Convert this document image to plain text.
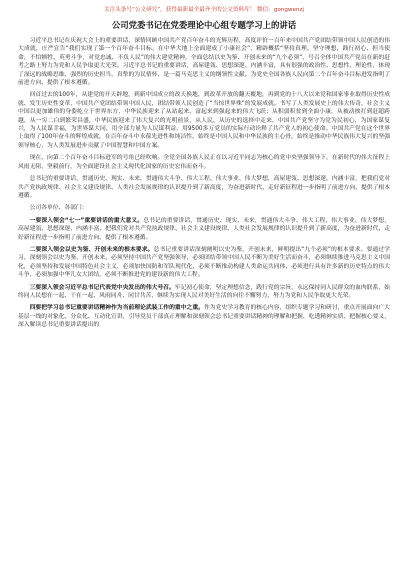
关注头条号“公文研究”，获得最新最全最齐全的公文资料库！ 微信：gongwenzj
公司党委书记在党委理论中心组专题学习上的讲话

习近平总书记在庆祝大会上的重要讲话，深情回顾中国共产党百年奋斗的光辉历程，高度评价一百年来中国共产党团结带领中国人民创造的伟大成就，庄严宣告“我们实现了第一个百年奋斗目标，在中华大地上全面建成了小康社会”，精辟概括“坚持真理、坚守理想，践行初心、担当使命，不怕牺牲、英勇斗争，对党忠诚、不负人民”的伟大建党精神，全面总结以史为鉴、开创未来的“九个必须”，号召全体中国共产党员在新的赶考之路上努力为党和人民争取更大光荣。习近平总书记的重要讲话，高屋建瓴、思想深邃、内涵丰富，具有很强的政治性、思想性、理论性，体现了深远的战略思维、强烈的历史担当、真挚的为民情怀，是一篇马克思主义的纲领性文献。为党史全国各族人民向第二个百年奋斗目标进发指明了前进方向、提供了根本遵循。

回首过去的100年，从建党的开天辟地，到新中国成立的改天换地，到改革开放的翻天覆地，再到党的十八大以来党和国家事业取得历史性成就、发生历史性变革，中国共产党团结带领中国人民，团结带领人民创造了“当惊世界殊”的发展成就。书写了人类发展史上的伟大传奇，社会主义中国以更加雄伟的身姿屹立于世界东方，中华民族迎来了从站起来、富起来到强起来的伟大飞跃；从积弱积贫到全面小康，从被动挨打到赶超跨越，从一穷二白到繁荣昌盛，中华民族迎来了伟大复兴的光明前景，从人民、从历史的选择中走来，中国共产党坚守为党为民初心，为国家谋复兴，为人民谋幸福，为世界谋大同，用全部力量为人民谋利益，用9500多万党员的实际行动诠释了共产党人的初心使命。中国共产党在这个世界上取得了100年奋斗的辉煌成就，在百年奋斗中永葆先进性和纯洁性，始终是中国人民和中华民族的主心骨，始终是推动中华民族伟大复兴的坚强领导核心，为人类发展进步贡献了中国智慧和中国方案。

现在，向第二个百年奋斗目标进军的号角已经吹响。全党全国各族人民正在以习近平同志为核心的党中央坚强领导下，在新时代的伟大征程上风雨无阻、坚毅前行，为全面建设社会主义现代化国家的历史宏伟而奋斗。

总书记的重要讲话，贯通历史、现实、未来，贯通伟大斗争、伟大工程、伟大事业、伟大梦想，高屋建瓴、思想深邃，内涵丰富，把我们党对共产党执政规律、社会主义建设规律、人类社会发展规律的认识提升到了新高度，为奋进新时代、走好新征程进一步指明了前进方向、提供了根本遵循。

公司各单位、各部门：

一要深入领会“七一”重要讲话的重大意义。总书记的重要讲话，贯通历史、现实、未来，贯通伟大斗争、伟大工程、伟大事业、伟大梦想，高屋建瓴、思想深邃，内涵丰富，把我们党对共产党执政规律、社会主义建设规律、人类社会发展规律的认识提升到了新高度，为奋进新时代、走好新征程进一步指明了前进方向、提供了根本遵循。

二要深入领会以史为鉴、开创未来的根本要求。总书记重要讲话深刻阐明以史为鉴、开创未来，鲜明提出“九个必须”的根本要求。要通过学习，深刻领会以史为鉴、开创未来，必须坚持中国共产党坚强领导，必须团结带领中国人民不断为美好生活而奋斗，必须继续推进马克思主义中国化，必须坚持和发展中国特色社会主义，必须加快国防和军队现代化，必须不断推动构建人类命运共同体，必须进行具有许多新的历史特点的伟大斗争，必须加强中华儿女大团结，必须不断推进党的建设新的伟大工程。

三要深入领会习近平总书记代表党中央发出的伟大号召。牢记初心使命，坚定理想信念，践行党的宗旨，永远保持同人民群众的血肉联系，始终同人民想在一起、干在一起，风雨同舟、同甘共苦，继续为实现人民对美好生活的向往不懈努力，努力为党和人民争取更大光荣。

四要把学习总书记重要讲话精神作为当前理论武装工作的重中之重。作为党史学习教育的核心内容，组织专题学习和研讨，重点开展面向广大基层一线的对象化、分众化、互动化宣讲，引导党员干部真正理解和深刻领会总书记重要讲话精神的理解和把握，吃透精神实质、把握核心要义，深入解读总书记重要讲话提出的
